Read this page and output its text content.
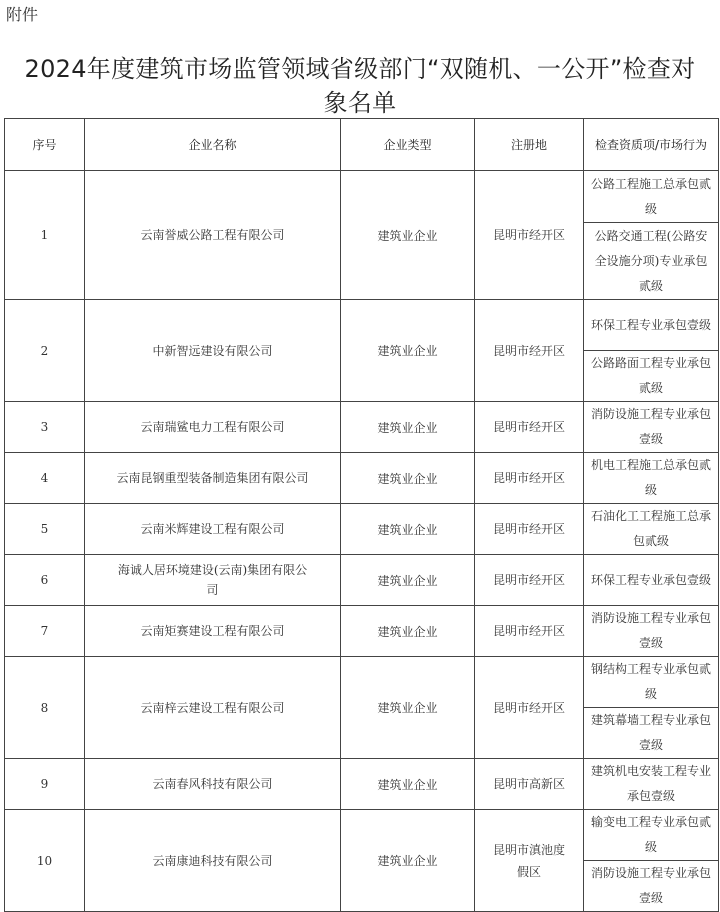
附件
2024年度建筑市场监管领域省级部门“双随机、一公开”检查对象名单
序号	企业名称	企业类型	注册地	检查资质项/市场行为
1	云南誉威公路工程有限公司	建筑业企业	昆明市经开区	公路工程施工总承包贰级
				公路交通工程(公路安全设施分项)专业承包贰级
2	中新智远建设有限公司	建筑业企业	昆明市经开区	环保工程专业承包壹级
				公路路面工程专业承包贰级
3	云南瑞鲨电力工程有限公司	建筑业企业	昆明市经开区	消防设施工程专业承包壹级
4	云南昆钢重型装备制造集团有限公司	建筑业企业	昆明市经开区	机电工程施工总承包贰级
5	云南米辉建设工程有限公司	建筑业企业	昆明市经开区	石油化工工程施工总承包贰级
6	海诚人居环境建设(云南)集团有限公司	建筑业企业	昆明市经开区	环保工程专业承包壹级
7	云南矩赛建设工程有限公司	建筑业企业	昆明市经开区	消防设施工程专业承包壹级
8	云南梓云建设工程有限公司	建筑业企业	昆明市经开区	钢结构工程专业承包贰级
				建筑幕墙工程专业承包壹级
9	云南春风科技有限公司	建筑业企业	昆明市高新区	建筑机电安装工程专业承包壹级
10	云南康迪科技有限公司	建筑业企业	昆明市滇池度假区	输变电工程专业承包贰级
				消防设施工程专业承包壹级
